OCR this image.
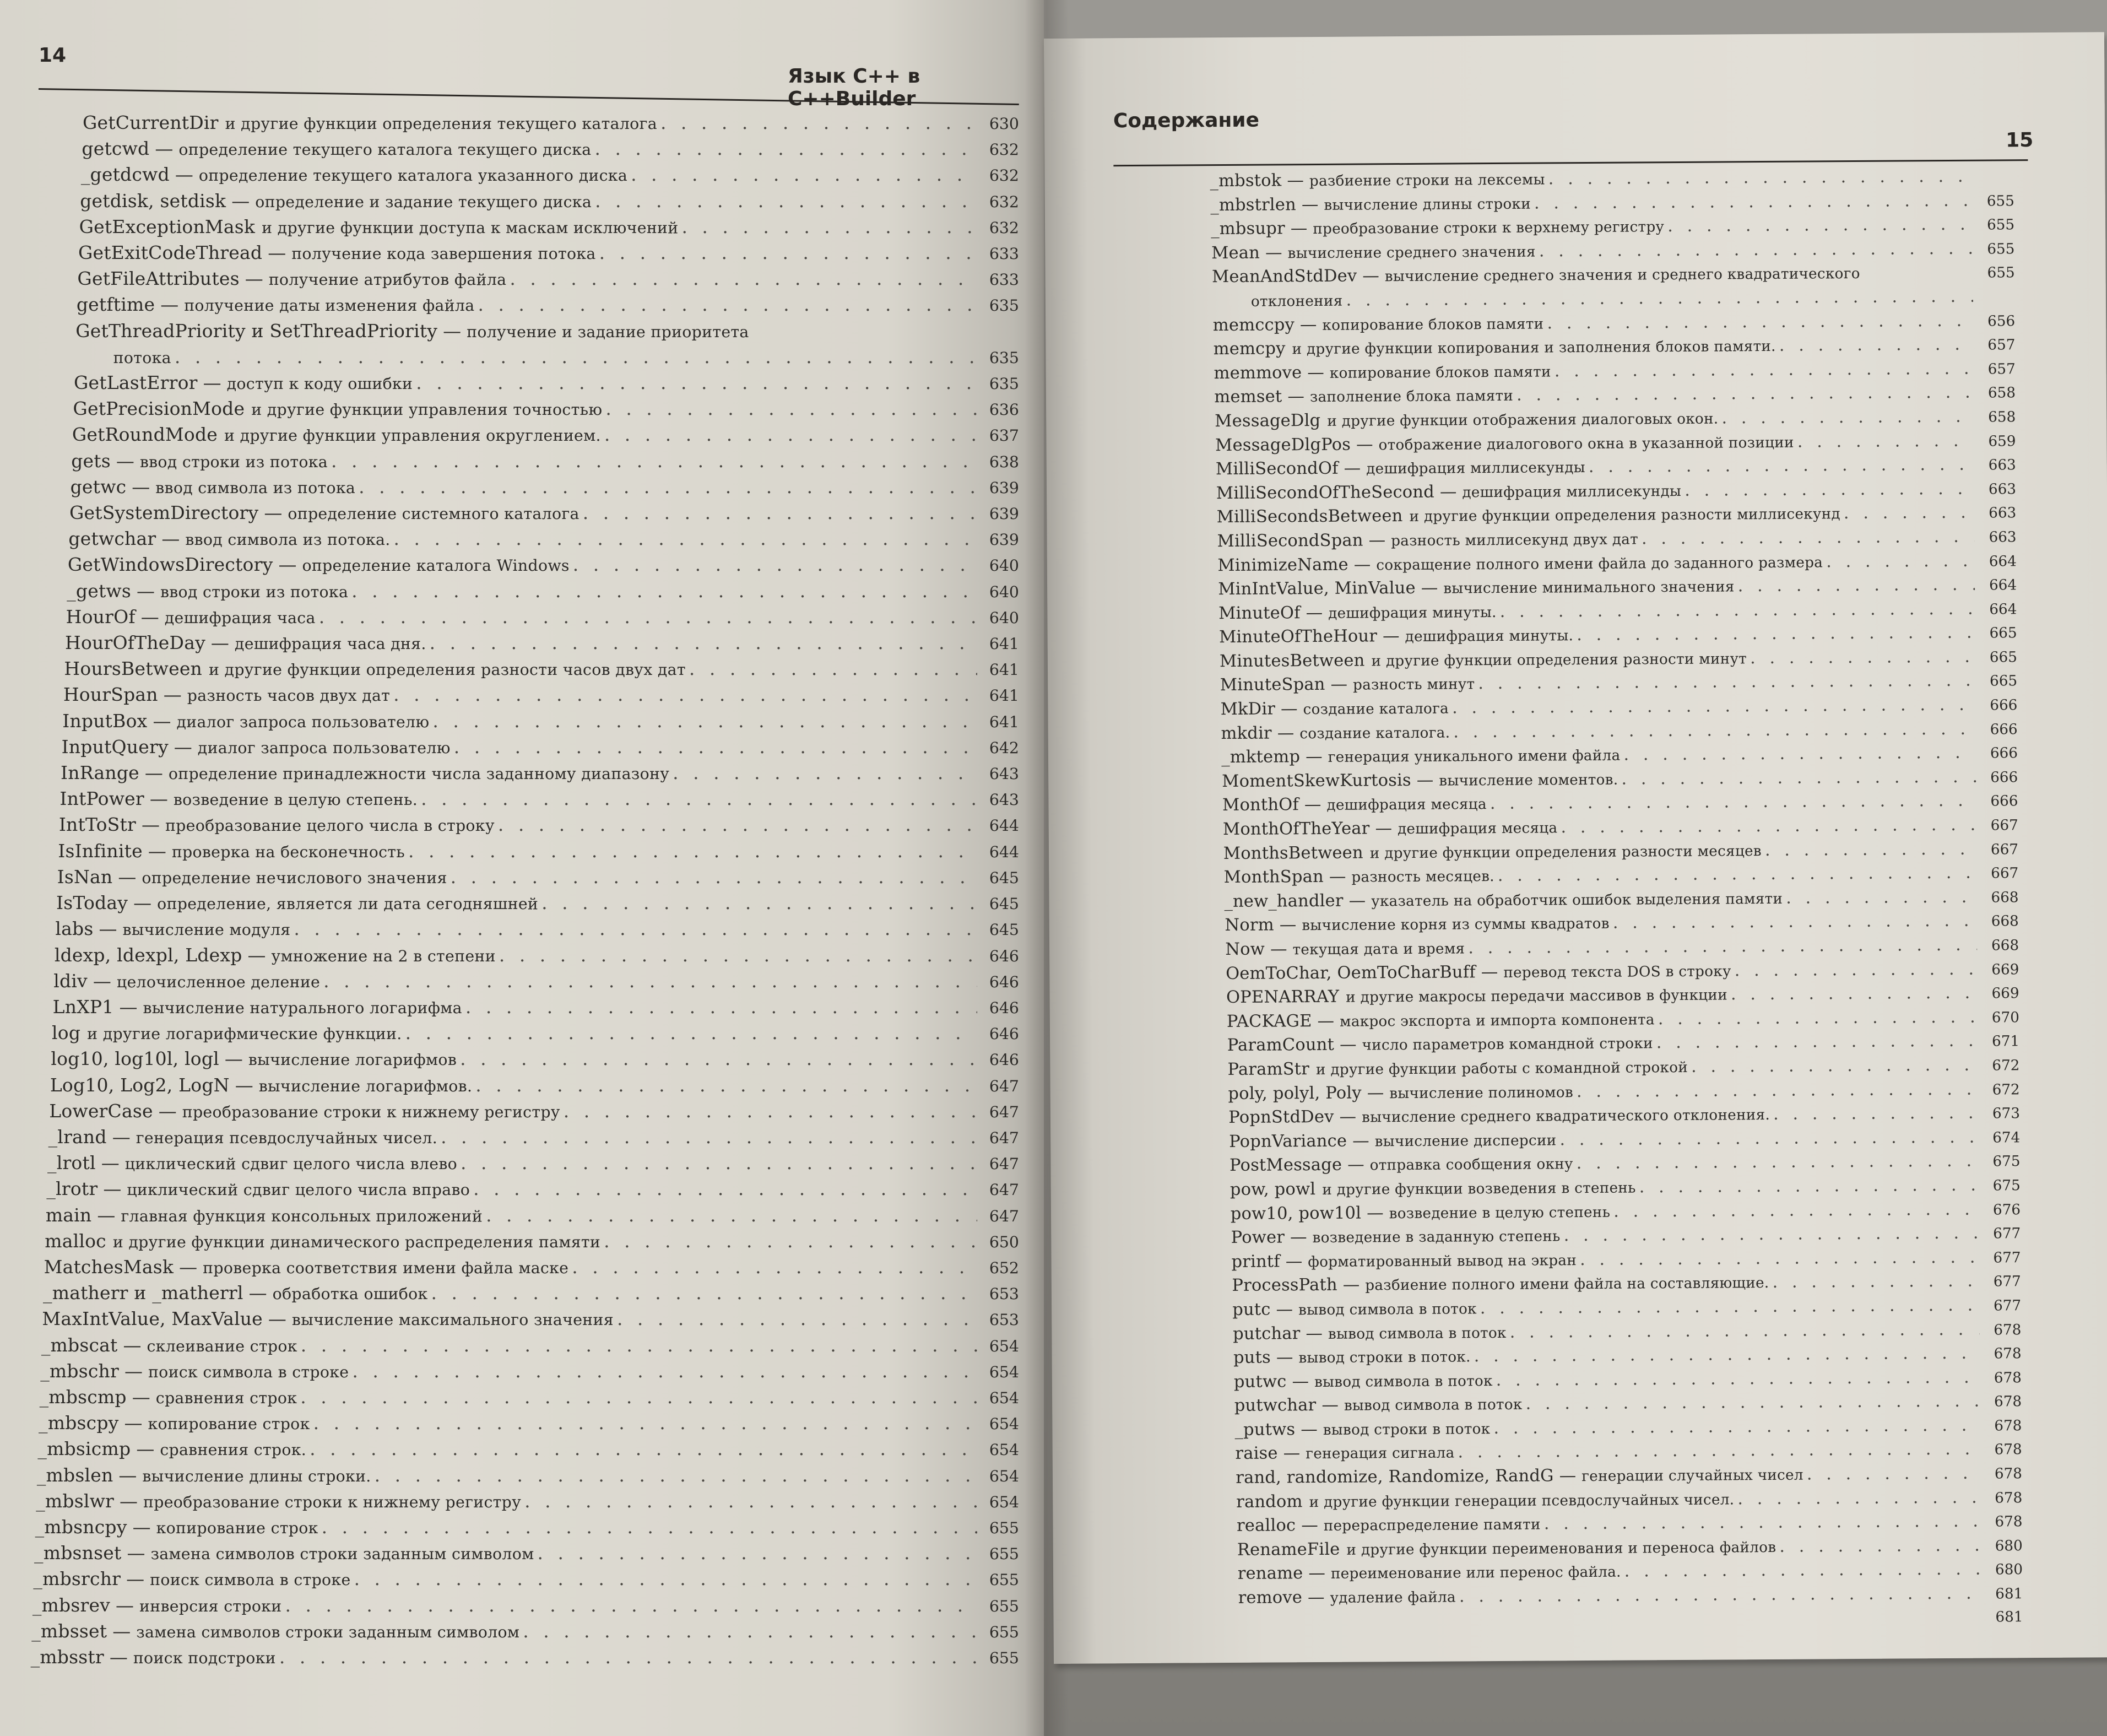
14
Язык C++ в C++Builder
GetCurrentDir и другие функции определения текущего каталога . . .	630
getcwd — определение текущего каталога текущего диска . . .	632
_getdcwd — определение текущего каталога указанного диска . . .	632
getdisk, setdisk — определение и задание текущего диска . . .	632
GetExceptionMask и другие функции доступа к маскам исключений . . .	632
GetExitCodeThread — получение кода завершения потока . . .	633
GetFileAttributes — получение атрибутов файла . . .	633
getftime — получение даты изменения файла . . .	635
GetThreadPriority и SetThreadPriority — получение и задание приоритета
потока . . .	635
GetLastError — доступ к коду ошибки . . .	635
GetPrecisionMode и другие функции управления точностью . . .	636
GetRoundMode и другие функции управления округлением. . . .	637
gets — ввод строки из потока . . .	638
getwc — ввод символа из потока . . .	639
GetSystemDirectory — определение системного каталога . . .	639
getwchar — ввод символа из потока. . . .	639
GetWindowsDirectory — определение каталога Windows . . .	640
_getws — ввод строки из потока . . .	640
HourOf — дешифрация часа . . .	640
HourOfTheDay — дешифрация часа дня. . . .	641
HoursBetween и другие функции определения разности часов двух дат . . .	641
HourSpan — разность часов двух дат . . .	641
InputBox — диалог запроса пользователю . . .	641
InputQuery — диалог запроса пользователю . . .	642
InRange — определение принадлежности числа заданному диапазону . . .	643
IntPower — возведение в целую степень. . . .	643
IntToStr — преобразование целого числа в строку . . .	644
IsInfinite — проверка на бесконечность . . .	644
IsNan — определение нечислового значения . . .	645
IsToday — определение, является ли дата сегодняшней . . .	645
labs — вычисление модуля . . .	645
ldexp, ldexpl, Ldexp — умножение на 2 в степени . . .	646
ldiv — целочисленное деление . . .	646
LnXP1 — вычисление натурального логарифма . . .	646
log и другие логарифмические функции. . . .	646
log10, log10l, logl — вычисление логарифмов . . .	646
Log10, Log2, LogN — вычисление логарифмов. . . .	647
LowerCase — преобразование строки к нижнему регистру . . .	647
_lrand — генерация псевдослучайных чисел. . . .	647
_lrotl — циклический сдвиг целого числа влево . . .	647
_lrotr — циклический сдвиг целого числа вправо . . .	647
main — главная функция консольных приложений . . .	647
malloc и другие функции динамического распределения памяти . . .	650
MatchesMask — проверка соответствия имени файла маске . . .	652
_matherr и _matherrl — обработка ошибок . . .	653
MaxIntValue, MaxValue — вычисление максимального значения . . .	653
_mbscat — склеивание строк . . .	654
_mbschr — поиск символа в строке . . .	654
_mbscmp — сравнения строк . . .	654
_mbscpy — копирование строк . . .	654
_mbsicmp — сравнения строк. . . .	654
_mbslen — вычисление длины строки. . . .	654
_mbslwr — преобразование строки к нижнему регистру . . .	654
_mbsncpy — копирование строк . . .	655
_mbsnset — замена символов строки заданным символом . . .	655
_mbsrchr — поиск символа в строке . . .	655
_mbsrev — инверсия строки . . .	655
_mbsset — замена символов строки заданным символом . . .	655
_mbsstr — поиск подстроки . . .	655
Содержание
15
_mbstok — разбиение строки на лексемы
. . .
_mbstrlen — вычисление длины строки . . .	655
_mbsupr — преобразование строки к верхнему регистру . . .	655
Mean — вычисление среднего значения . . .	655
MeanAndStdDev — вычисление среднего значения и среднего квадратического	655
отклонения
. . .
memccpy — копирование блоков памяти . . .	656
memcpy и другие функции копирования и заполнения блоков памяти. . . .	657
memmove — копирование блоков памяти . . .	657
memset — заполнение блока памяти . . .	658
MessageDlg и другие функции отображения диалоговых окон. . . .	658
MessageDlgPos — отображение диалогового окна в указанной позиции . . .	659
MilliSecondOf — дешифрация миллисекунды . . .	663
MilliSecondOfTheSecond — дешифрация миллисекунды . . .	663
MilliSecondsBetween и другие функции определения разности миллисекунд . . .	663
MilliSecondSpan — разность миллисекунд двух дат . . .	663
MinimizeName — сокращение полного имени файла до заданного размера . . .	664
MinIntValue, MinValue — вычисление минимального значения . . .	664
MinuteOf — дешифрация минуты. . . .	664
MinuteOfTheHour — дешифрация минуты. . . .	665
MinutesBetween и другие функции определения разности минут . . .	665
MinuteSpan — разность минут . . .	665
MkDir — создание каталога . . .	666
mkdir — создание каталога. . . .	666
_mktemp — генерация уникального имени файла . . .	666
MomentSkewKurtosis — вычисление моментов. . . .	666
MonthOf — дешифрация месяца . . .	666
MonthOfTheYear — дешифрация месяца . . .	667
MonthsBetween и другие функции определения разности месяцев . . .	667
MonthSpan — разность месяцев. . . .	667
_new_handler — указатель на обработчик ошибок выделения памяти . . .	668
Norm — вычисление корня из суммы квадратов . . .	668
Now — текущая дата и время . . .	668
OemToChar, OemToCharBuff — перевод текста DOS в строку . . .	669
OPENARRAY и другие макросы передачи массивов в функции . . .	669
PACKAGE — макрос экспорта и импорта компонента . . .	670
ParamCount — число параметров командной строки . . .	671
ParamStr и другие функции работы с командной строкой . . .	672
poly, polyl, Poly — вычисление полиномов . . .	672
PopnStdDev — вычисление среднего квадратического отклонения. . . .	673
PopnVariance — вычисление дисперсии . . .	674
PostMessage — отправка сообщения окну . . .	675
pow, powl и другие функции возведения в степень . . .	675
pow10, pow10l — возведение в целую степень . . .	676
Power — возведение в заданную степень . . .	677
printf — форматированный вывод на экран . . .	677
ProcessPath — разбиение полного имени файла на составляющие. . . .	677
putc — вывод символа в поток . . .	677
putchar — вывод символа в поток . . .	678
puts — вывод строки в поток. . . .	678
putwc — вывод символа в поток . . .	678
putwchar — вывод символа в поток . . .	678
_putws — вывод строки в поток . . .	678
raise — генерация сигнала . . .	678
rand, randomize, Randomize, RandG — генерации случайных чисел . . .	678
random и другие функции генерации псевдослучайных чисел. . . .	678
realloc — перераспределение памяти . . .	678
RenameFile и другие функции переименования и переноса файлов . . .	680
rename — переименование или перенос файла. . . .	680
remove — удаление файла . . .	681
681
